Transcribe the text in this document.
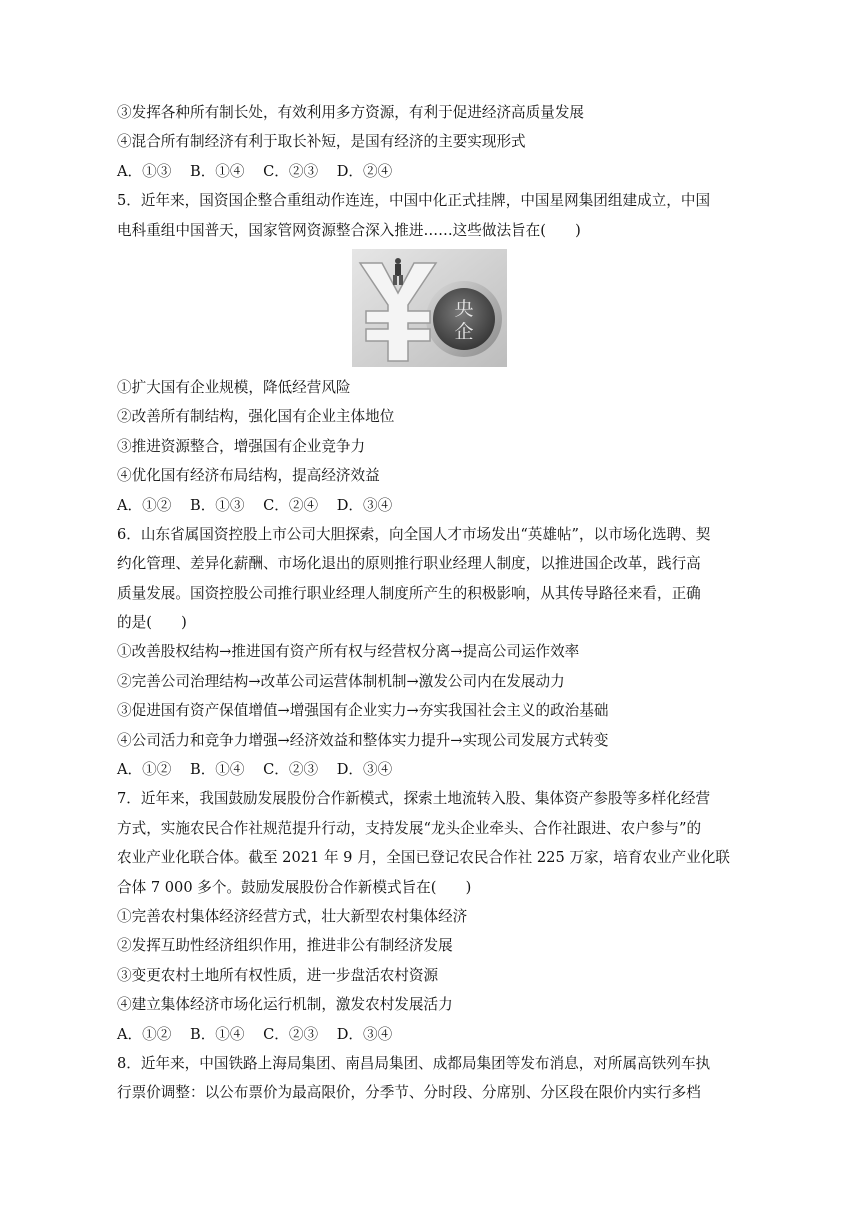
③发挥各种所有制长处，有效利用多方资源，有利于促进经济高质量发展
④混合所有制经济有利于取长补短，是国有经济的主要实现形式
A．①③ B．①④ C．②③ D．②④
5．近年来，国资国企整合重组动作连连，中国中化正式挂牌，中国星网集团组建成立，中国
电科重组中国普天，国家管网资源整合深入推进……这些做法旨在(　　)
央
企
①扩大国有企业规模，降低经营风险
②改善所有制结构，强化国有企业主体地位
③推进资源整合，增强国有企业竞争力
④优化国有经济布局结构，提高经济效益
A．①② B．①③ C．②④ D．③④
6．山东省属国资控股上市公司大胆探索，向全国人才市场发出“英雄帖”，以市场化选聘、契
约化管理、差异化薪酬、市场化退出的原则推行职业经理人制度，以推进国企改革，践行高
质量发展。国资控股公司推行职业经理人制度所产生的积极影响，从其传导路径来看，正确
的是(　　)
①改善股权结构→推进国有资产所有权与经营权分离→提高公司运作效率
②完善公司治理结构→改革公司运营体制机制→激发公司内在发展动力
③促进国有资产保值增值→增强国有企业实力→夯实我国社会主义的政治基础
④公司活力和竞争力增强→经济效益和整体实力提升→实现公司发展方式转变
A．①② B．①④ C．②③ D．③④
7．近年来，我国鼓励发展股份合作新模式，探索土地流转入股、集体资产参股等多样化经营
方式，实施农民合作社规范提升行动，支持发展“龙头企业牵头、合作社跟进、农户参与”的
农业产业化联合体。截至 2021 年 9 月，全国已登记农民合作社 225 万家，培育农业产业化联
合体 7 000 多个。鼓励发展股份合作新模式旨在(　　)
①完善农村集体经济经营方式，壮大新型农村集体经济
②发挥互助性经济组织作用，推进非公有制经济发展
③变更农村土地所有权性质，进一步盘活农村资源
④建立集体经济市场化运行机制，激发农村发展活力
A．①② B．①④ C．②③ D．③④
8．近年来，中国铁路上海局集团、南昌局集团、成都局集团等发布消息，对所属高铁列车执
行票价调整：以公布票价为最高限价，分季节、分时段、分席别、分区段在限价内实行多档
